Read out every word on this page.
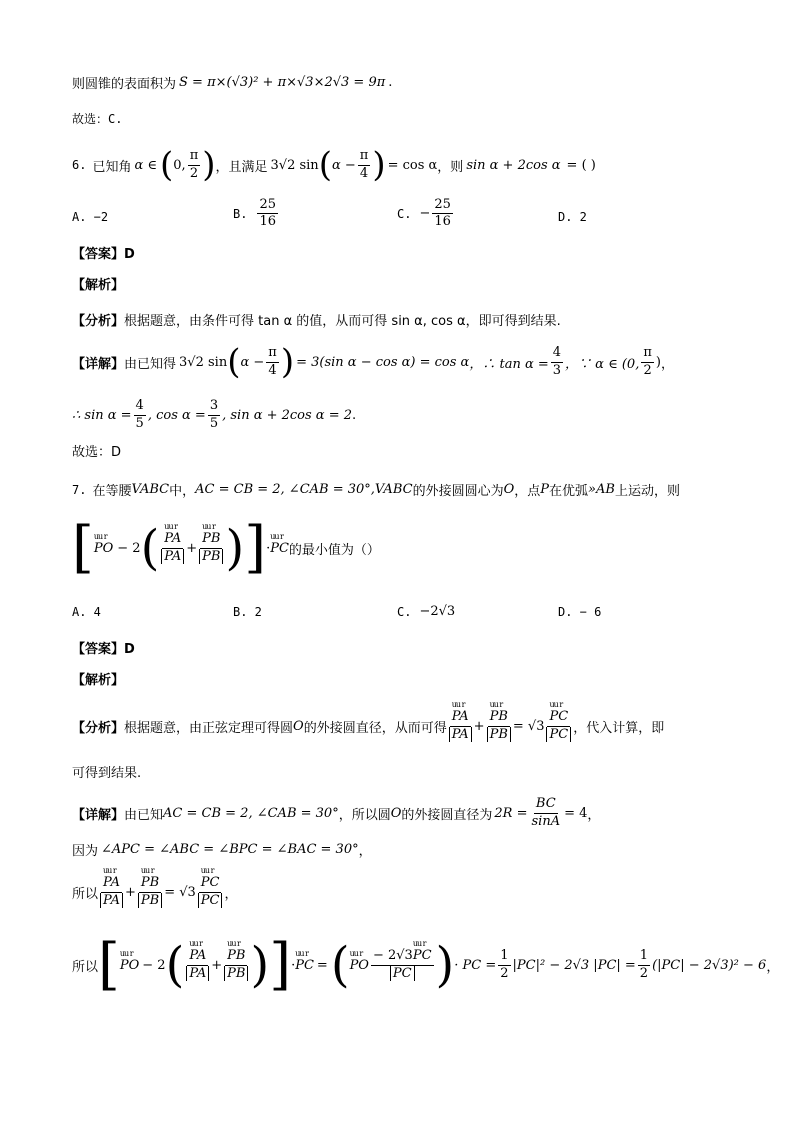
则圆锥的表面积为 S = π×(√3)² + π×√3×2√3 = 9π .
故选：C.
6. 已知角 α ∈ ( 0, $\frac{\pi}{2}$ ) ，且满足 3√2 sin ( $\alpha - \frac{\pi}{4}$ ) = cos α ，则 sin α + 2cos α = ( )
A. −2	B. $\frac{25}{16}$	C. − $\frac{25}{16}$	D. 2
【答案】D
【解析】
【分析】 根据题意，由条件可得 tan α 的值，从而可得 sin α, cos α，即可得到结果.
【详解】 由已知得 3√2 sin ( $\alpha - \frac{\pi}{4}$ ) = 3(sin α − cos α) = cos α ，∴ $\tan \alpha = \frac{4}{3}$ ，∵ α ∈ (0, $\frac{\pi}{2}$ ) ，
∴ $\sin \alpha = \frac{4}{5}$ , $\cos \alpha = \frac{3}{5}$ , sin α + 2cos α = 2 .
故选：D
7. 在等腰 VABC 中， AC = CB = 2, ∠CAB = 30°,VABC 的外接圆圆心为 O ，点 P 在优弧 »AB 上运动，则
[ uu r PO − 2 ( uu r $\frac{PA}{PA}$ + uu r $\frac{PB}{PB}$ ) ] · uu r PC 的最小值为（）
A. 4	B. 2	C. −2√3	D. − 6
【答案】D
【解析】
【分析】 根据题意，由正弦定理可得圆 O 的外接圆直径，从而可得 uu r $\frac{PA}{PA}$ + uu r $\frac{PB}{PB} = √3$ uu r $\frac{PC}{PC}$ ，代入计算，即
可得到结果.
【详解】 由已知 AC = CB = 2, ∠CAB = 30° ，所以圆 O 的外接圆直径为 $2R = \frac{BC}{\sin A} = 4$ ，
因为 ∠APC = ∠ABC = ∠BPC = ∠BAC = 30° ，
所以 uu r $\frac{PA}{PA}$ + uu r $\frac{PB}{PB} = √3$ uu r $\frac{PC}{PC}$ ，
所以 [ uu r PO − 2 ( uu r $\frac{PA}{PA}$ + uu r $\frac{PB}{PB}$ ) ] · uu r PC = ( uu r PO $\frac{\text{− 2√3uu r PC}}{PC}$ ) · PC = $\frac{1}{2} |PC|^2 - 2√3$ $|PC| = \frac{1}{2} (|PC| - 2√3)^2 - 6$ ，
